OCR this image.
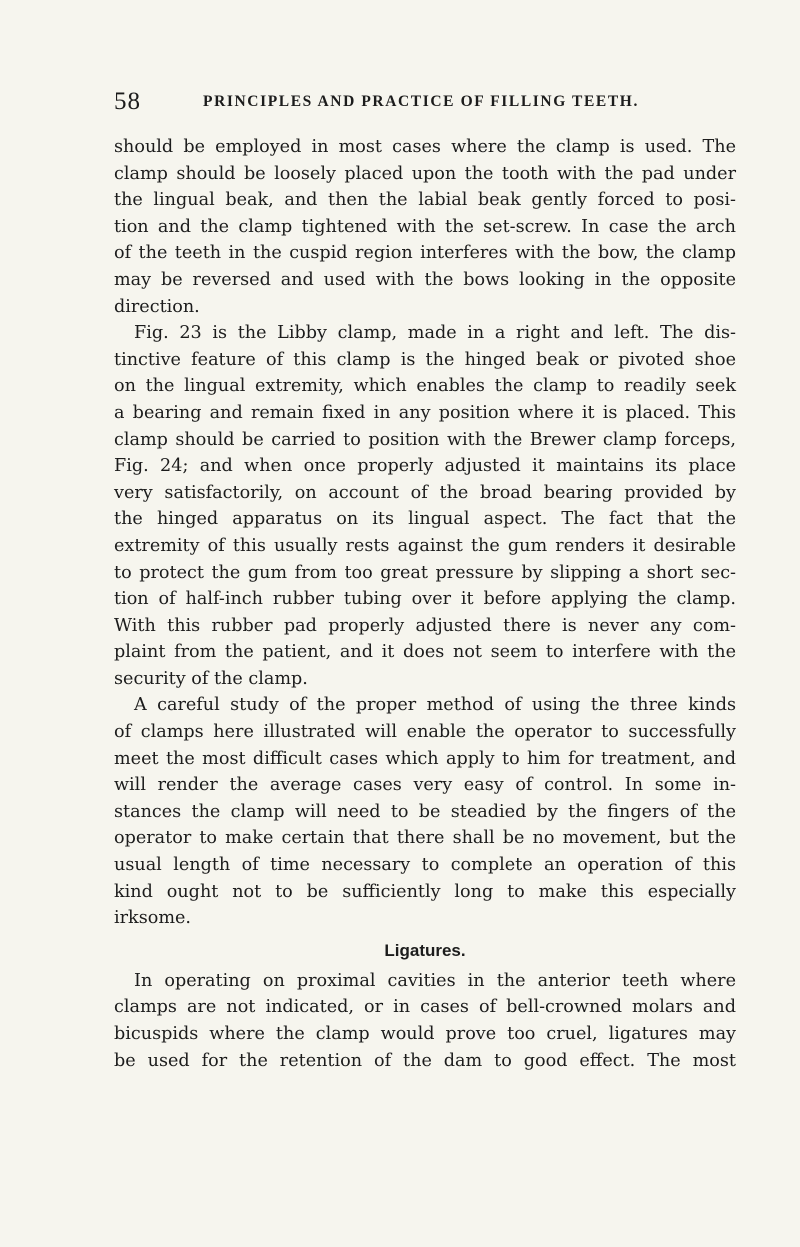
58	PRINCIPLES AND PRACTICE OF FILLING TEETH.
should be employed in most cases where the clamp is used. The
clamp should be loosely placed upon the tooth with the pad under
the lingual beak, and then the labial beak gently forced to posi-
tion and the clamp tightened with the set-screw. In case the arch
of the teeth in the cuspid region interferes with the bow, the clamp
may be reversed and used with the bows looking in the opposite
direction.
Fig. 23 is the Libby clamp, made in a right and left. The dis-
tinctive feature of this clamp is the hinged beak or pivoted shoe
on the lingual extremity, which enables the clamp to readily seek
a bearing and remain fixed in any position where it is placed. This
clamp should be carried to position with the Brewer clamp forceps,
Fig. 24; and when once properly adjusted it maintains its place
very satisfactorily, on account of the broad bearing provided by
the hinged apparatus on its lingual aspect. The fact that the
extremity of this usually rests against the gum renders it desirable
to protect the gum from too great pressure by slipping a short sec-
tion of half-inch rubber tubing over it before applying the clamp.
With this rubber pad properly adjusted there is never any com-
plaint from the patient, and it does not seem to interfere with the
security of the clamp.
A careful study of the proper method of using the three kinds
of clamps here illustrated will enable the operator to successfully
meet the most difficult cases which apply to him for treatment, and
will render the average cases very easy of control. In some in-
stances the clamp will need to be steadied by the fingers of the
operator to make certain that there shall be no movement, but the
usual length of time necessary to complete an operation of this
kind ought not to be sufficiently long to make this especially
irksome.
Ligatures.
In operating on proximal cavities in the anterior teeth where
clamps are not indicated, or in cases of bell-crowned molars and
bicuspids where the clamp would prove too cruel, ligatures may
be used for the retention of the dam to good effect. The most
